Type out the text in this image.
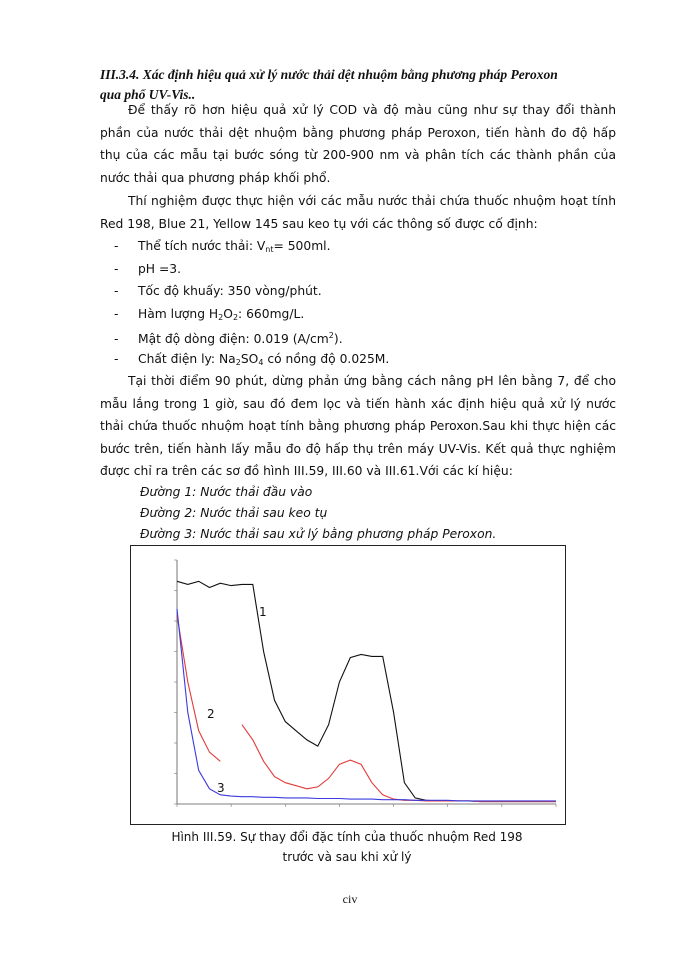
III.3.4. Xác định hiệu quả xử lý nước thải dệt nhuộm bằng phương pháp Peroxon
qua phổ UV-Vis..
Để thấy rõ hơn hiệu quả xử lý COD và độ màu cũng như sự thay đổi thành phần của nước thải dệt nhuộm bằng phương pháp Peroxon, tiến hành đo độ hấp thụ của các mẫu tại bước sóng từ 200-900 nm và phân tích các thành phần của nước thải qua phương pháp khối phổ.
Thí nghiệm được thực hiện với các mẫu nước thải chứa thuốc nhuộm hoạt tính Red 198, Blue 21, Yellow 145 sau keo tụ với các thông số được cố định:
- Thể tích nước thải: $V_{nt}= 500ml$.
- pH =3.
- Tốc độ khuấy: 350 vòng/phút.
- Hàm lượng $H_2O_2$: 660mg/L.
- Mật độ dòng điện: 0.019 $(A/cm^2)$.
- Chất điện ly: $Na_2SO_4$ có nồng độ 0.025M.
Tại thời điểm 90 phút, dừng phản ứng bằng cách nâng pH lên bằng 7, để cho mẫu lắng trong 1 giờ, sau đó đem lọc và tiến hành xác định hiệu quả xử lý nước thải chứa thuốc nhuộm hoạt tính bằng phương pháp Peroxon.Sau khi thực hiện các bước trên, tiến hành lấy mẫu đo độ hấp thụ trên máy UV-Vis. Kết quả thực nghiệm được chỉ ra trên các sơ đồ hình III.59, III.60 và III.61.Với các kí hiệu:
Đường 1: Nước thải đầu vào
Đường 2: Nước thải sau keo tụ
Đường 3: Nước thải sau xử lý bằng phương pháp Peroxon.
1
2
3
Hình III.59. Sự thay đổi đặc tính của thuốc nhuộm Red 198
trước và sau khi xử lý
civ
